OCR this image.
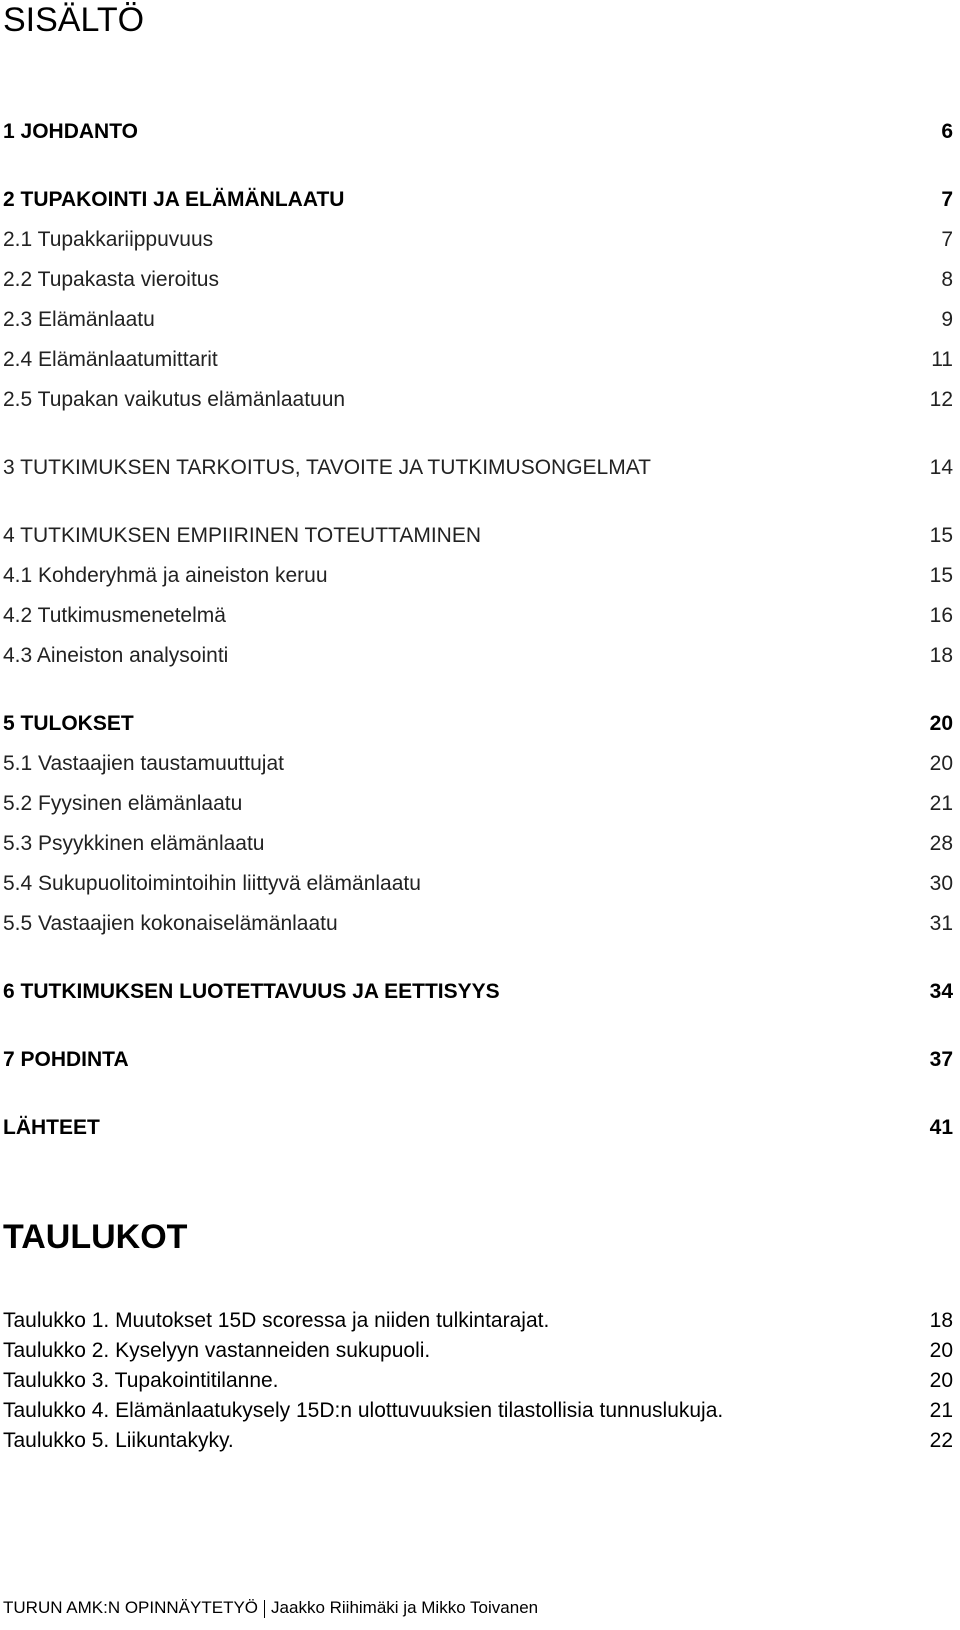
SISÄLTÖ
1 JOHDANTO	6
2 TUPAKOINTI JA ELÄMÄNLAATU	7
2.1 Tupakkariippuvuus	7
2.2 Tupakasta vieroitus	8
2.3 Elämänlaatu	9
2.4 Elämänlaatumittarit	11
2.5 Tupakan vaikutus elämänlaatuun	12
3 TUTKIMUKSEN TARKOITUS, TAVOITE JA TUTKIMUSONGELMAT	14
4 TUTKIMUKSEN EMPIIRINEN TOTEUTTAMINEN	15
4.1 Kohderyhmä ja aineiston keruu	15
4.2 Tutkimusmenetelmä	16
4.3 Aineiston analysointi	18
5 TULOKSET	20
5.1 Vastaajien taustamuuttujat	20
5.2 Fyysinen elämänlaatu	21
5.3 Psyykkinen elämänlaatu	28
5.4 Sukupuolitoimintoihin liittyvä elämänlaatu	30
5.5 Vastaajien kokonaiselämänlaatu	31
6 TUTKIMUKSEN LUOTETTAVUUS JA EETTISYYS	34
7 POHDINTA	37
LÄHTEET	41
TAULUKOT
Taulukko 1. Muutokset 15D scoressa ja niiden tulkintarajat.	18
Taulukko 2. Kyselyyn vastanneiden sukupuoli.	20
Taulukko 3. Tupakointitilanne.	20
Taulukko 4. Elämänlaatukysely 15D:n ulottuvuuksien tilastollisia tunnuslukuja.	21
Taulukko 5. Liikuntakyky.	22
TURUN AMK:N OPINNÄYTETYÖ Jaakko Riihimäki ja Mikko Toivanen
